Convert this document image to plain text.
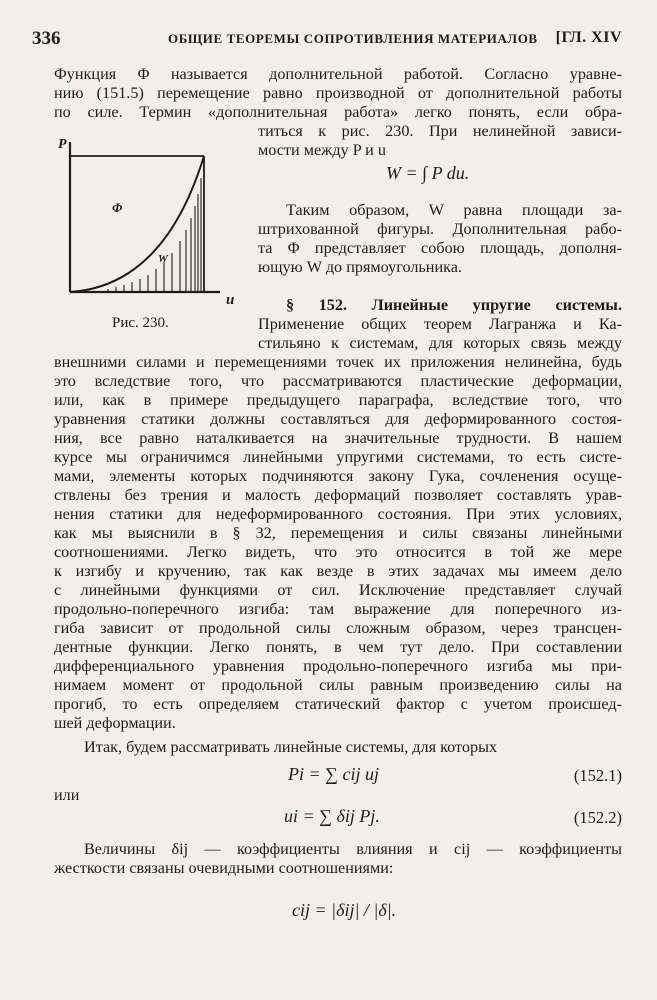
336	ОБЩИЕ ТЕОРЕМЫ СОПРОТИВЛЕНИЯ МАТЕРИАЛОВ [ГЛ. XIV
Функция Φ называется дополнительной работой. Согласно уравне-
нию (151.5) перемещение равно производной от дополнительной работы
по силе. Термин «дополнительная работа» легко понять, если обра-
титься к рис. 230. При нелинейной зависи-
мости между P и u
P
u
Φ
W
Рис. 230.
W = ∫ P du.
Таким образом, W равна площади за-
штрихованной фигуры. Дополнительная рабо-
та Φ представляет собою площадь, дополня-
ющую W до прямоугольника.
§ 152. Линейные упругие системы.
Применение общих теорем Лагранжа и Ка-
стильяно к системам, для которых связь между
внешними силами и перемещениями точек их приложения нелинейна, будь
это вследствие того, что рассматриваются пластические деформации,
или, как в примере предыдущего параграфа, вследствие того, что
уравнения статики должны составляться для деформированного состоя-
ния, все равно наталкивается на значительные трудности. В нашем
курсе мы ограничимся линейными упругими системами, то есть систе-
мами, элементы которых подчиняются закону Гука, сочленения осуще-
ствлены без трения и малость деформаций позволяет составлять урав-
нения статики для недеформированного состояния. При этих условиях,
как мы выяснили в § 32, перемещения и силы связаны линейными
соотношениями. Легко видеть, что это относится в той же мере
к изгибу и кручению, так как везде в этих задачах мы имеем дело
с линейными функциями от сил. Исключение представляет случай
продольно-поперечного изгиба: там выражение для поперечного из-
гиба зависит от продольной силы сложным образом, через трансцен-
дентные функции. Легко понять, в чем тут дело. При составлении
дифференциального уравнения продольно-поперечного изгиба мы при-
нимаем момент от продольной силы равным произведению силы на
прогиб, то есть определяем статический фактор с учетом происшед-
шей деформации.
Итак, будем рассматривать линейные системы, для которых
Pi = ∑ cij uj	(152.1)
или
ui = ∑ δij Pj.	(152.2)
Величины δij — коэффициенты влияния и cij — коэффициенты
жесткости связаны очевидными соотношениями:
cij = |δij| / |δ|.
